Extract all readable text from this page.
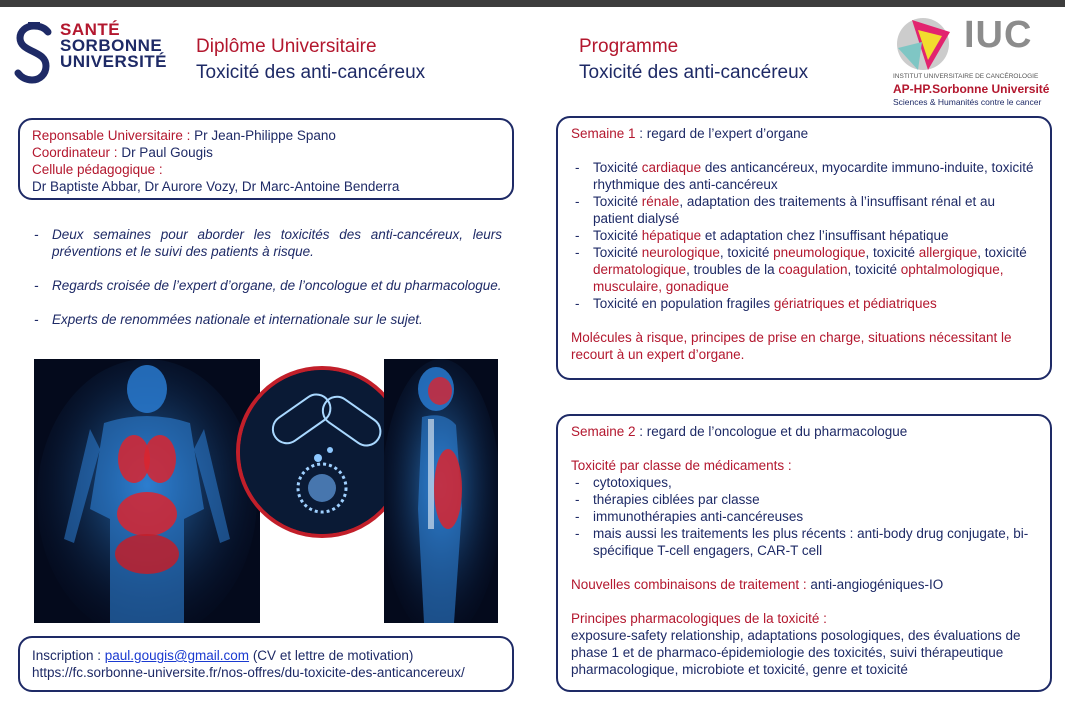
SANTÉ
SORBONNE
UNIVERSITÉ
Diplôme Universitaire
Toxicité des anti-cancéreux
Programme
Toxicité des anti-cancéreux
IUC
INSTITUT UNIVERSITAIRE DE CANCÉROLOGIE
AP-HP.Sorbonne Université
Sciences & Humanités contre le cancer

Reponsable Universitaire : Pr Jean-Philippe Spano

Coordinateur : Dr Paul Gougis

Cellule pédagogique :

Dr Baptiste Abbar, Dr Aurore Vozy, Dr Marc-Antoine Benderra

- Deux semaines pour aborder les toxicités des anti-cancéreux, leurs préventions et le suivi des patients à risque.
- Regards croisée de l’expert d’organe, de l’oncologue et du pharmacologue.
- Experts de renommées nationale et internationale sur le sujet.

Inscription : paul.gougis@gmail.com (CV et lettre de motivation)

https://fc.sorbonne-universite.fr/nos-offres/du-toxicite-des-anticancereux/

Semaine 1 : regard de l’expert d’organe

- Toxicité cardiaque des anticancéreux, myocardite immuno-induite, toxicité rhythmique des anti-cancéreux
- Toxicité rénale, adaptation des traitements à l’insuffisant rénal et au patient dialysé
- Toxicité hépatique et adaptation chez l’insuffisant hépatique
- Toxicité neurologique, toxicité pneumologique, toxicité allergique, toxicité dermatologique, troubles de la coagulation, toxicité ophtalmologique, musculaire, gonadique
- Toxicité en population fragiles gériatriques et pédiatriques

Molécules à risque, principes de prise en charge, situations nécessitant le recourt à un expert d’organe.

Semaine 2 : regard de l’oncologue et du pharmacologue

Toxicité par classe de médicaments :

- cytotoxiques,
- thérapies ciblées par classe
- immunothérapies anti-cancéreuses
- mais aussi les traitements les plus récents : anti-body drug conjugate, bi-spécifique T-cell engagers, CAR-T cell

Nouvelles combinaisons de traitement : anti-angiogéniques-IO

Principes pharmacologiques de la toxicité :

exposure-safety relationship, adaptations posologiques, des évaluations de phase 1 et de pharmaco-épidemiologie des toxicités, suivi thérapeutique pharmacologique, microbiote et toxicité, genre et toxicité
